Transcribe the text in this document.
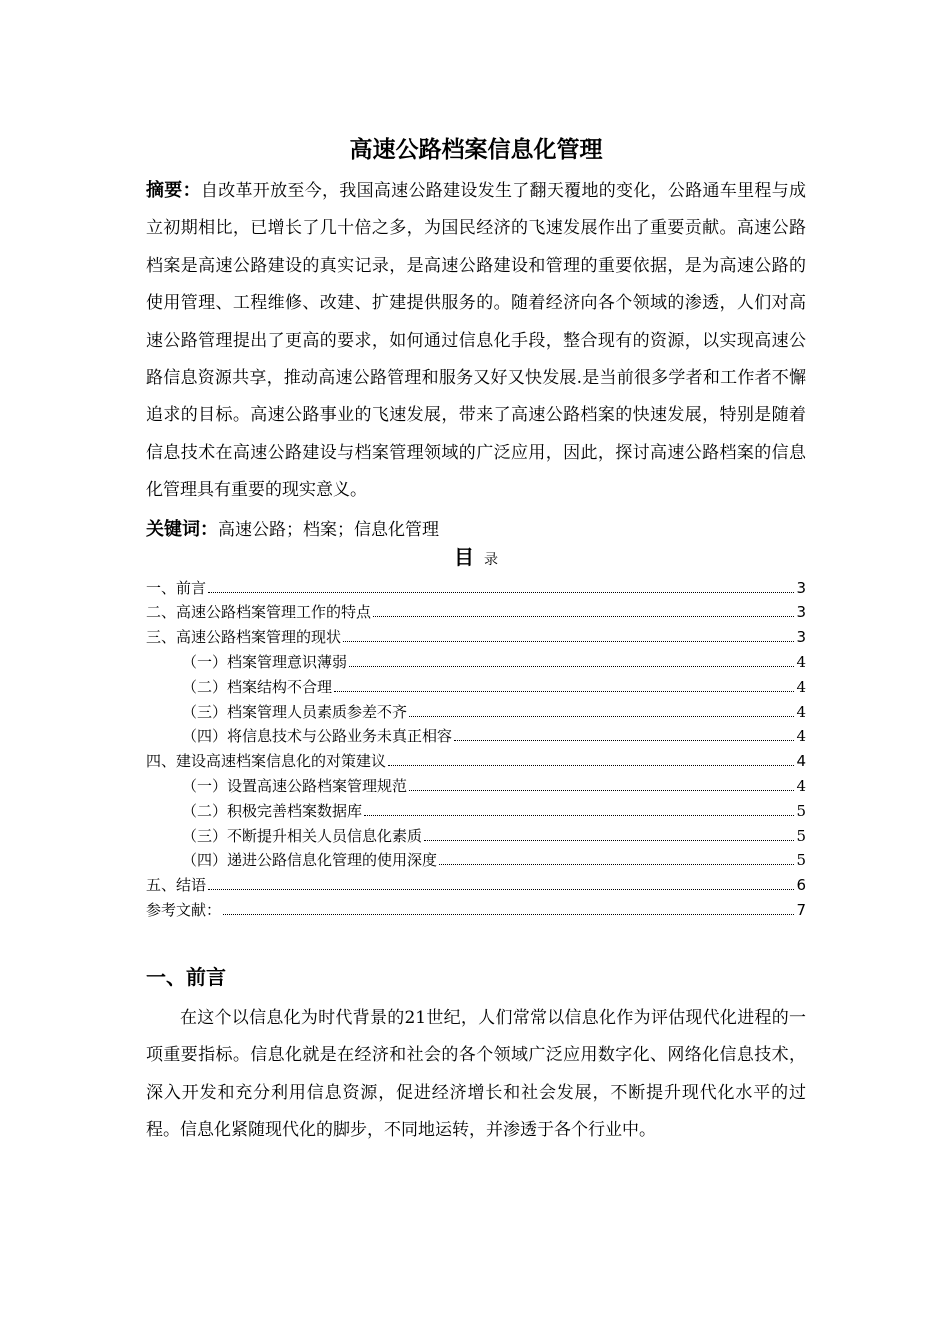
高速公路档案信息化管理

摘要：自改革开放至今，我国高速公路建设发生了翻天覆地的变化，公路通车里程与成立初期相比，已增长了几十倍之多，为国民经济的飞速发展作出了重要贡献。高速公路档案是高速公路建设的真实记录，是高速公路建设和管理的重要依据，是为高速公路的使用管理、工程维修、改建、扩建提供服务的。随着经济向各个领域的渗透，人们对高速公路管理提出了更高的要求，如何通过信息化手段，整合现有的资源，以实现高速公路信息资源共享，推动高速公路管理和服务又好又快发展.是当前很多学者和工作者不懈追求的目标。高速公路事业的飞速发展，带来了高速公路档案的快速发展，特别是随着信息技术在高速公路建设与档案管理领域的广泛应用，因此，探讨高速公路档案的信息化管理具有重要的现实意义。

关键词：高速公路；档案；信息化管理

目 录
一、前言	3
二、高速公路档案管理工作的特点	3
三、高速公路档案管理的现状	3
（一）档案管理意识薄弱	4
（二）档案结构不合理	4
（三）档案管理人员素质参差不齐	4
（四）将信息技术与公路业务未真正相容	4
四、建设高速档案信息化的对策建议	4
（一）设置高速公路档案管理规范	4
（二）积极完善档案数据库	5
（三）不断提升相关人员信息化素质	5
（四）递进公路信息化管理的使用深度	5
五、结语	6
参考文献：	7
一、前言

在这个以信息化为时代背景的21世纪，人们常常以信息化作为评估现代化进程的一项重要指标。信息化就是在经济和社会的各个领域广泛应用数字化、网络化信息技术，深入开发和充分利用信息资源，促进经济增长和社会发展，不断提升现代化水平的过程。信息化紧随现代化的脚步，不同地运转，并渗透于各个行业中。
